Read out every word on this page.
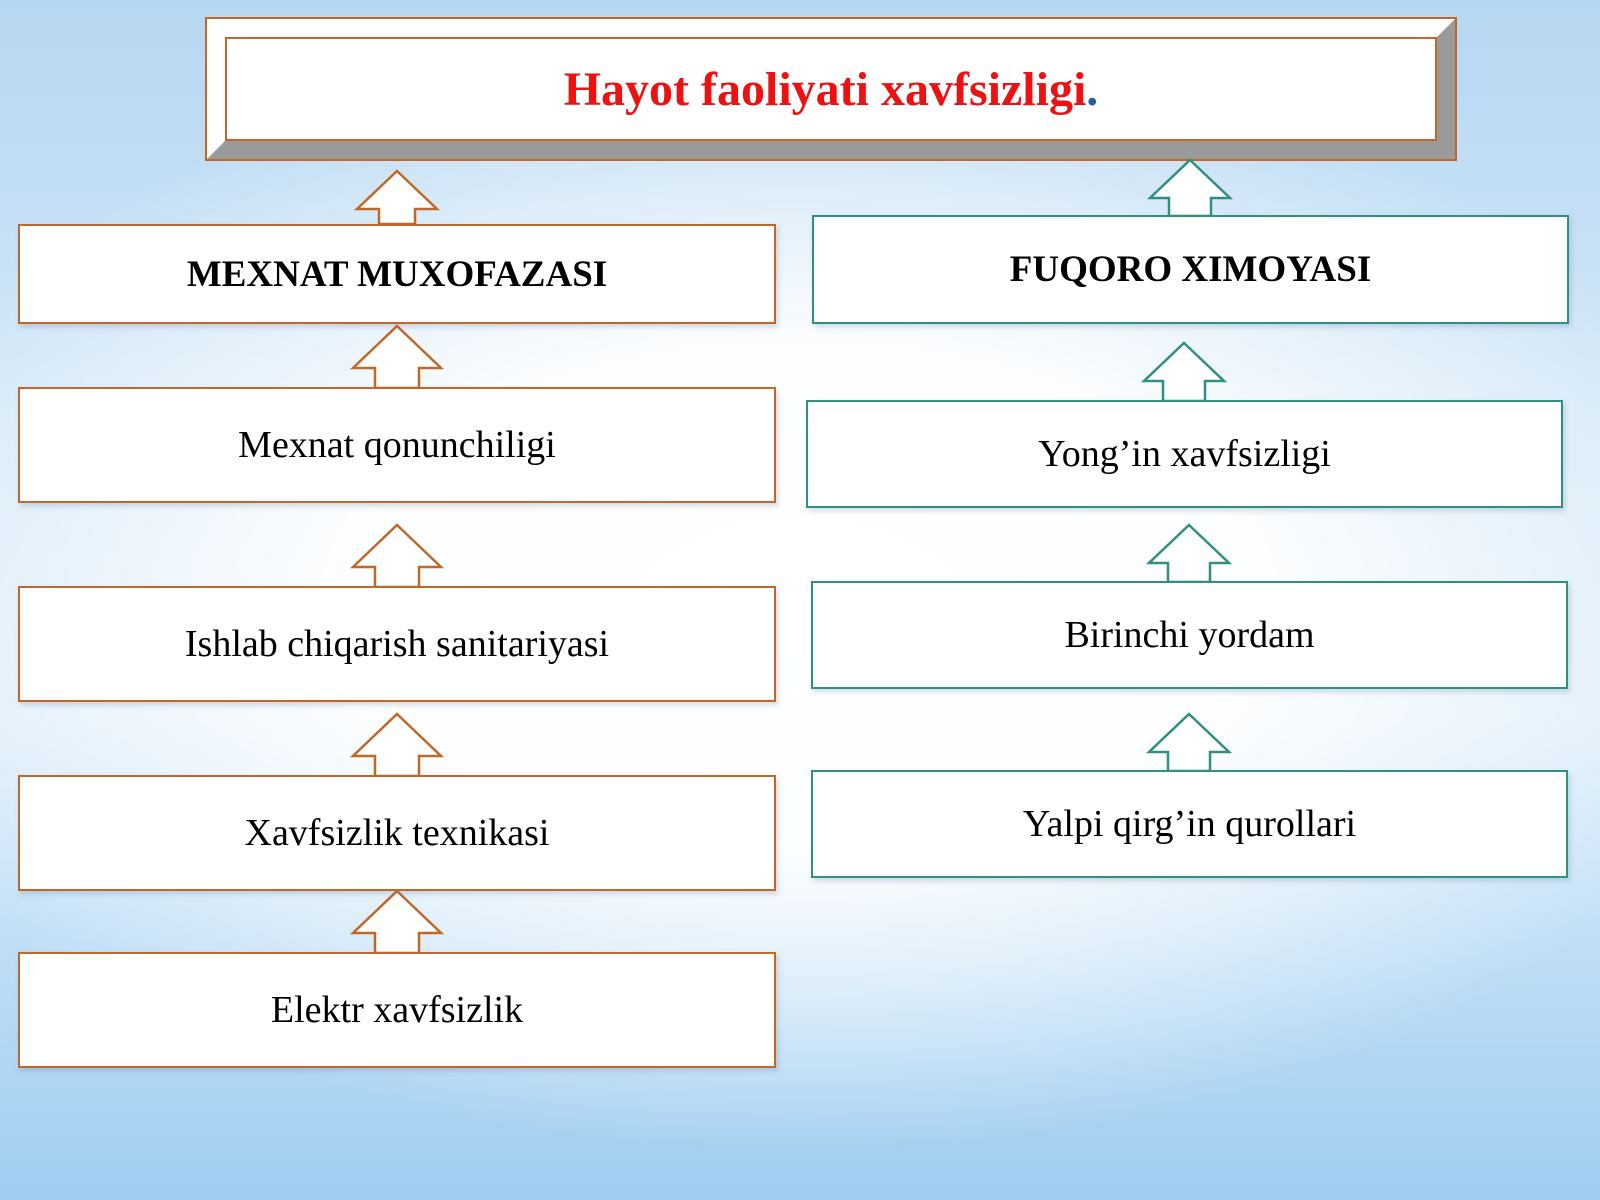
Hayot faoliyati xavfsizligi .
MEXNAT MUXOFAZASI
Mexnat qonunchiligi
Ishlab chiqarish sanitariyasi
Xavfsizlik texnikasi
Elektr xavfsizlik
FUQORO XIMOYASI
Yong’in xavfsizligi
Birinchi yordam
Yalpi qirg’in qurollari
